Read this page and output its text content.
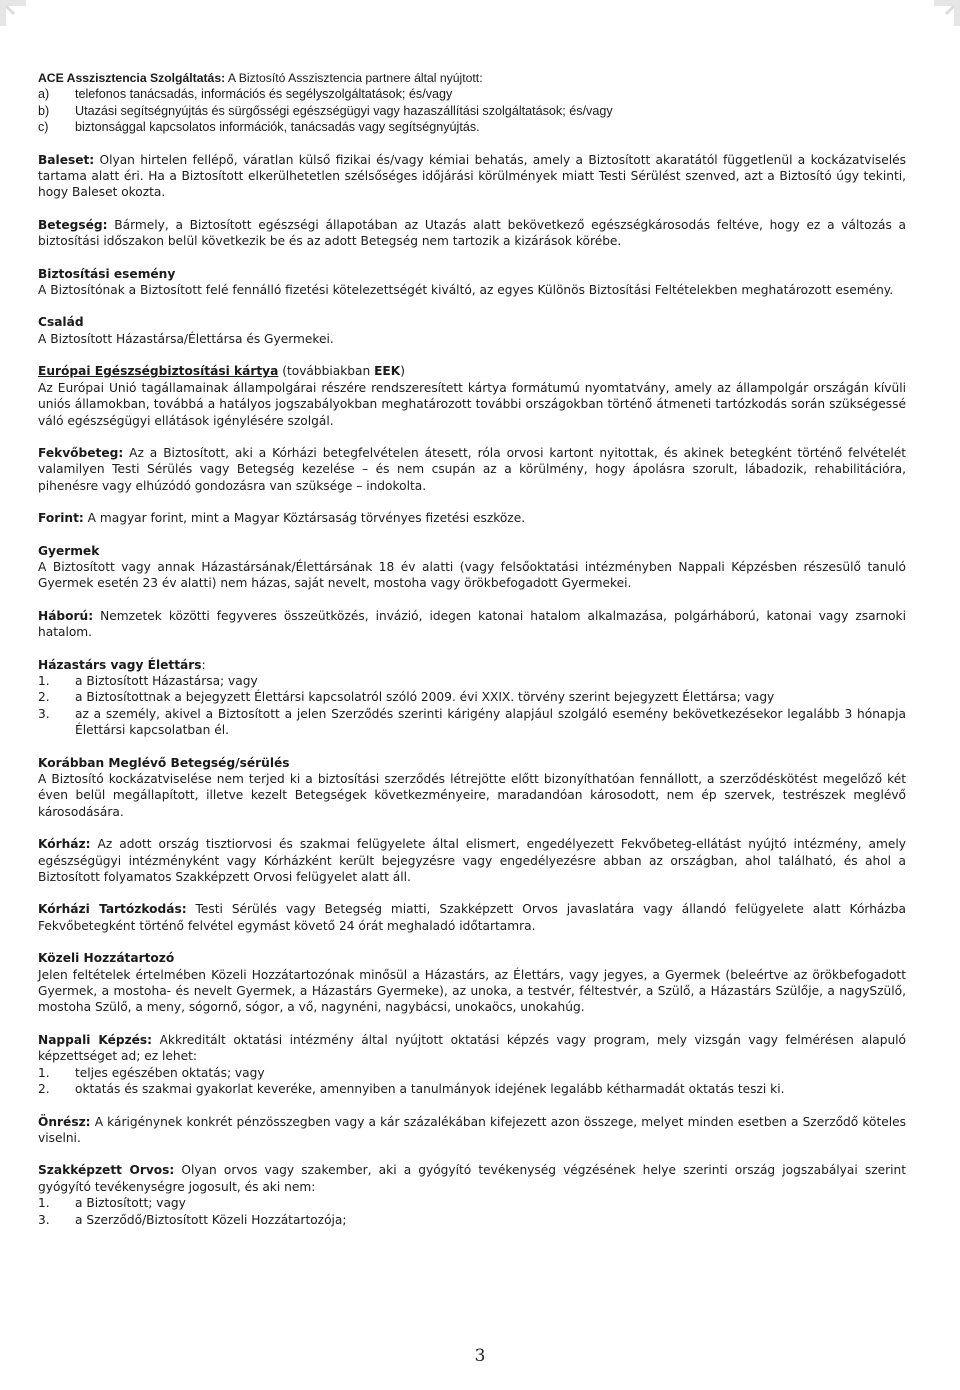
ACE Asszisztencia Szolgáltatás: A Biztosító Asszisztencia partnere által nyújtott:

a)	telefonos tanácsadás, információs és segélyszolgáltatások; és/vagy
b)	Utazási segítségnyújtás és sürgősségi egészségügyi vagy hazaszállítási szolgáltatások; és/vagy
c)	biztonsággal kapcsolatos információk, tanácsadás vagy segítségnyújtás.

Baleset: Olyan hirtelen fellépő, váratlan külső fizikai és/vagy kémiai behatás, amely a Biztosított akaratától függetlenül a kockázatviselés tartama alatt éri. Ha a Biztosított elkerülhetetlen szélsőséges időjárási körülmények miatt Testi Sérülést szenved, azt a Biztosító úgy tekinti, hogy Baleset okozta.

Betegség: Bármely, a Biztosított egészségi állapotában az Utazás alatt bekövetkező egészségkárosodás feltéve, hogy ez a változás a biztosítási időszakon belül következik be és az adott Betegség nem tartozik a kizárások körébe.

Biztosítási esemény

A Biztosítónak a Biztosított felé fennálló fizetési kötelezettségét kiváltó, az egyes Különös Biztosítási Feltételekben meghatározott esemény.

Család

A Biztosított Házastársa/Élettársa és Gyermekei.

Európai Egészségbiztosítási kártya (továbbiakban EEK)

Az Európai Unió tagállamainak állampolgárai részére rendszeresített kártya formátumú nyomtatvány, amely az állampolgár országán kívüli uniós államokban, továbbá a hatályos jogszabályokban meghatározott további országokban történő átmeneti tartózkodás során szükségessé váló egészségügyi ellátások igénylésére szolgál.

Fekvőbeteg: Az a Biztosított, aki a Kórházi betegfelvételen átesett, róla orvosi kartont nyitottak, és akinek betegként történő felvételét valamilyen Testi Sérülés vagy Betegség kezelése – és nem csupán az a körülmény, hogy ápolásra szorult, lábadozik, rehabilitációra, pihenésre vagy elhúzódó gondozásra van szüksége – indokolta.

Forint: A magyar forint, mint a Magyar Köztársaság törvényes fizetési eszköze.

Gyermek

A Biztosított vagy annak Házastársának/Élettársának 18 év alatti (vagy felsőoktatási intézményben Nappali Képzésben részesülő tanuló Gyermek esetén 23 év alatti) nem házas, saját nevelt, mostoha vagy örökbefogadott Gyermekei.

Háború: Nemzetek közötti fegyveres összeütközés, invázió, idegen katonai hatalom alkalmazása, polgárháború, katonai vagy zsarnoki hatalom.

Házastárs vagy Élettárs:

1.	a Biztosított Házastársa; vagy
2.	a Biztosítottnak a bejegyzett Élettársi kapcsolatról szóló 2009. évi XXIX. törvény szerint bejegyzett Élettársa; vagy
3.	az a személy, akivel a Biztosított a jelen Szerződés szerinti kárigény alapjául szolgáló esemény bekövetkezésekor legalább 3 hónapja Élettársi kapcsolatban él.

Korábban Meglévő Betegség/sérülés

A Biztosító kockázatviselése nem terjed ki a biztosítási szerződés létrejötte előtt bizonyíthatóan fennállott, a szerződéskötést megelőző két éven belül megállapított, illetve kezelt Betegségek következményeire, maradandóan károsodott, nem ép szervek, testrészek meglévő károsodására.

Kórház: Az adott ország tisztiorvosi és szakmai felügyelete által elismert, engedélyezett Fekvőbeteg-ellátást nyújtó intézmény, amely egészségügyi intézményként vagy Kórházként került bejegyzésre vagy engedélyezésre abban az országban, ahol található, és ahol a Biztosított folyamatos Szakképzett Orvosi felügyelet alatt áll.

Kórházi Tartózkodás: Testi Sérülés vagy Betegség miatti, Szakképzett Orvos javaslatára vagy állandó felügyelete alatt Kórházba Fekvőbetegként történő felvétel egymást követő 24 órát meghaladó időtartamra.

Közeli Hozzátartozó

Jelen feltételek értelmében Közeli Hozzátartozónak minősül a Házastárs, az Élettárs, vagy jegyes, a Gyermek (beleértve az örökbefogadott Gyermek, a mostoha- és nevelt Gyermek, a Házastárs Gyermeke), az unoka, a testvér, féltestvér, a Szülő, a Házastárs Szülője, a nagySzülő, mostoha Szülő, a meny, sógornő, sógor, a vő, nagynéni, nagybácsi, unokaöcs, unokahúg.

Nappali Képzés: Akkreditált oktatási intézmény által nyújtott oktatási képzés vagy program, mely vizsgán vagy felmérésen alapuló képzettséget ad; ez lehet:

1.	teljes egészében oktatás; vagy
2.	oktatás és szakmai gyakorlat keveréke, amennyiben a tanulmányok idejének legalább kétharmadát oktatás teszi ki.

Önrész: A kárigénynek konkrét pénzösszegben vagy a kár százalékában kifejezett azon összege, melyet minden esetben a Szerződő köteles viselni.

Szakképzett Orvos: Olyan orvos vagy szakember, aki a gyógyító tevékenység végzésének helye szerinti ország jogszabályai szerint gyógyító tevékenységre jogosult, és aki nem:

1.	a Biztosított; vagy
3.	a Szerződő/Biztosított Közeli Hozzátartozója;
3
